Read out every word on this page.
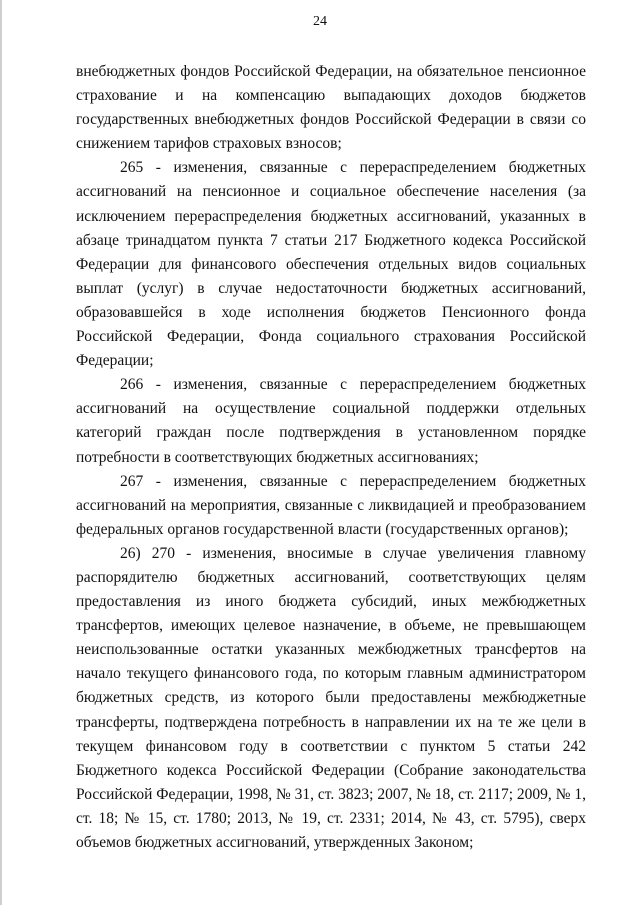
24

внебюджетных фондов Российской Федерации, на обязательное пенсионное страхование и на компенсацию выпадающих доходов бюджетов государственных внебюджетных фондов Российской Федерации в связи со снижением тарифов страховых взносов;

265 - изменения, связанные с перераспределением бюджетных ассигнований на пенсионное и социальное обеспечение населения (за исключением перераспределения бюджетных ассигнований, указанных в абзаце тринадцатом пункта 7 статьи 217 Бюджетного кодекса Российской Федерации для финансового обеспечения отдельных видов социальных выплат (услуг) в случае недостаточности бюджетных ассигнований, образовавшейся в ходе исполнения бюджетов Пенсионного фонда Российской Федерации, Фонда социального страхования Российской Федерации;

266 - изменения, связанные с перераспределением бюджетных ассигнований на осуществление социальной поддержки отдельных категорий граждан после подтверждения в установленном порядке потребности в соответствующих бюджетных ассигнованиях;

267 - изменения, связанные с перераспределением бюджетных ассигнований на мероприятия, связанные с ликвидацией и преобразованием федеральных органов государственной власти (государственных органов);

26) 270 - изменения, вносимые в случае увеличения главному распорядителю бюджетных ассигнований, соответствующих целям предоставления из иного бюджета субсидий, иных межбюджетных трансфертов, имеющих целевое назначение, в объеме, не превышающем неиспользованные остатки указанных межбюджетных трансфертов на начало текущего финансового года, по которым главным администратором бюджетных средств, из которого были предоставлены межбюджетные трансферты, подтверждена потребность в направлении их на те же цели в текущем финансовом году в соответствии с пунктом 5 статьи 242 Бюджетного кодекса Российской Федерации (Собрание законодательства Российской Федерации, 1998, № 31, ст. 3823; 2007, № 18, ст. 2117; 2009, № 1, ст. 18; № 15, ст. 1780; 2013, № 19, ст. 2331; 2014, № 43, ст. 5795), сверх объемов бюджетных ассигнований, утвержденных Законом;
